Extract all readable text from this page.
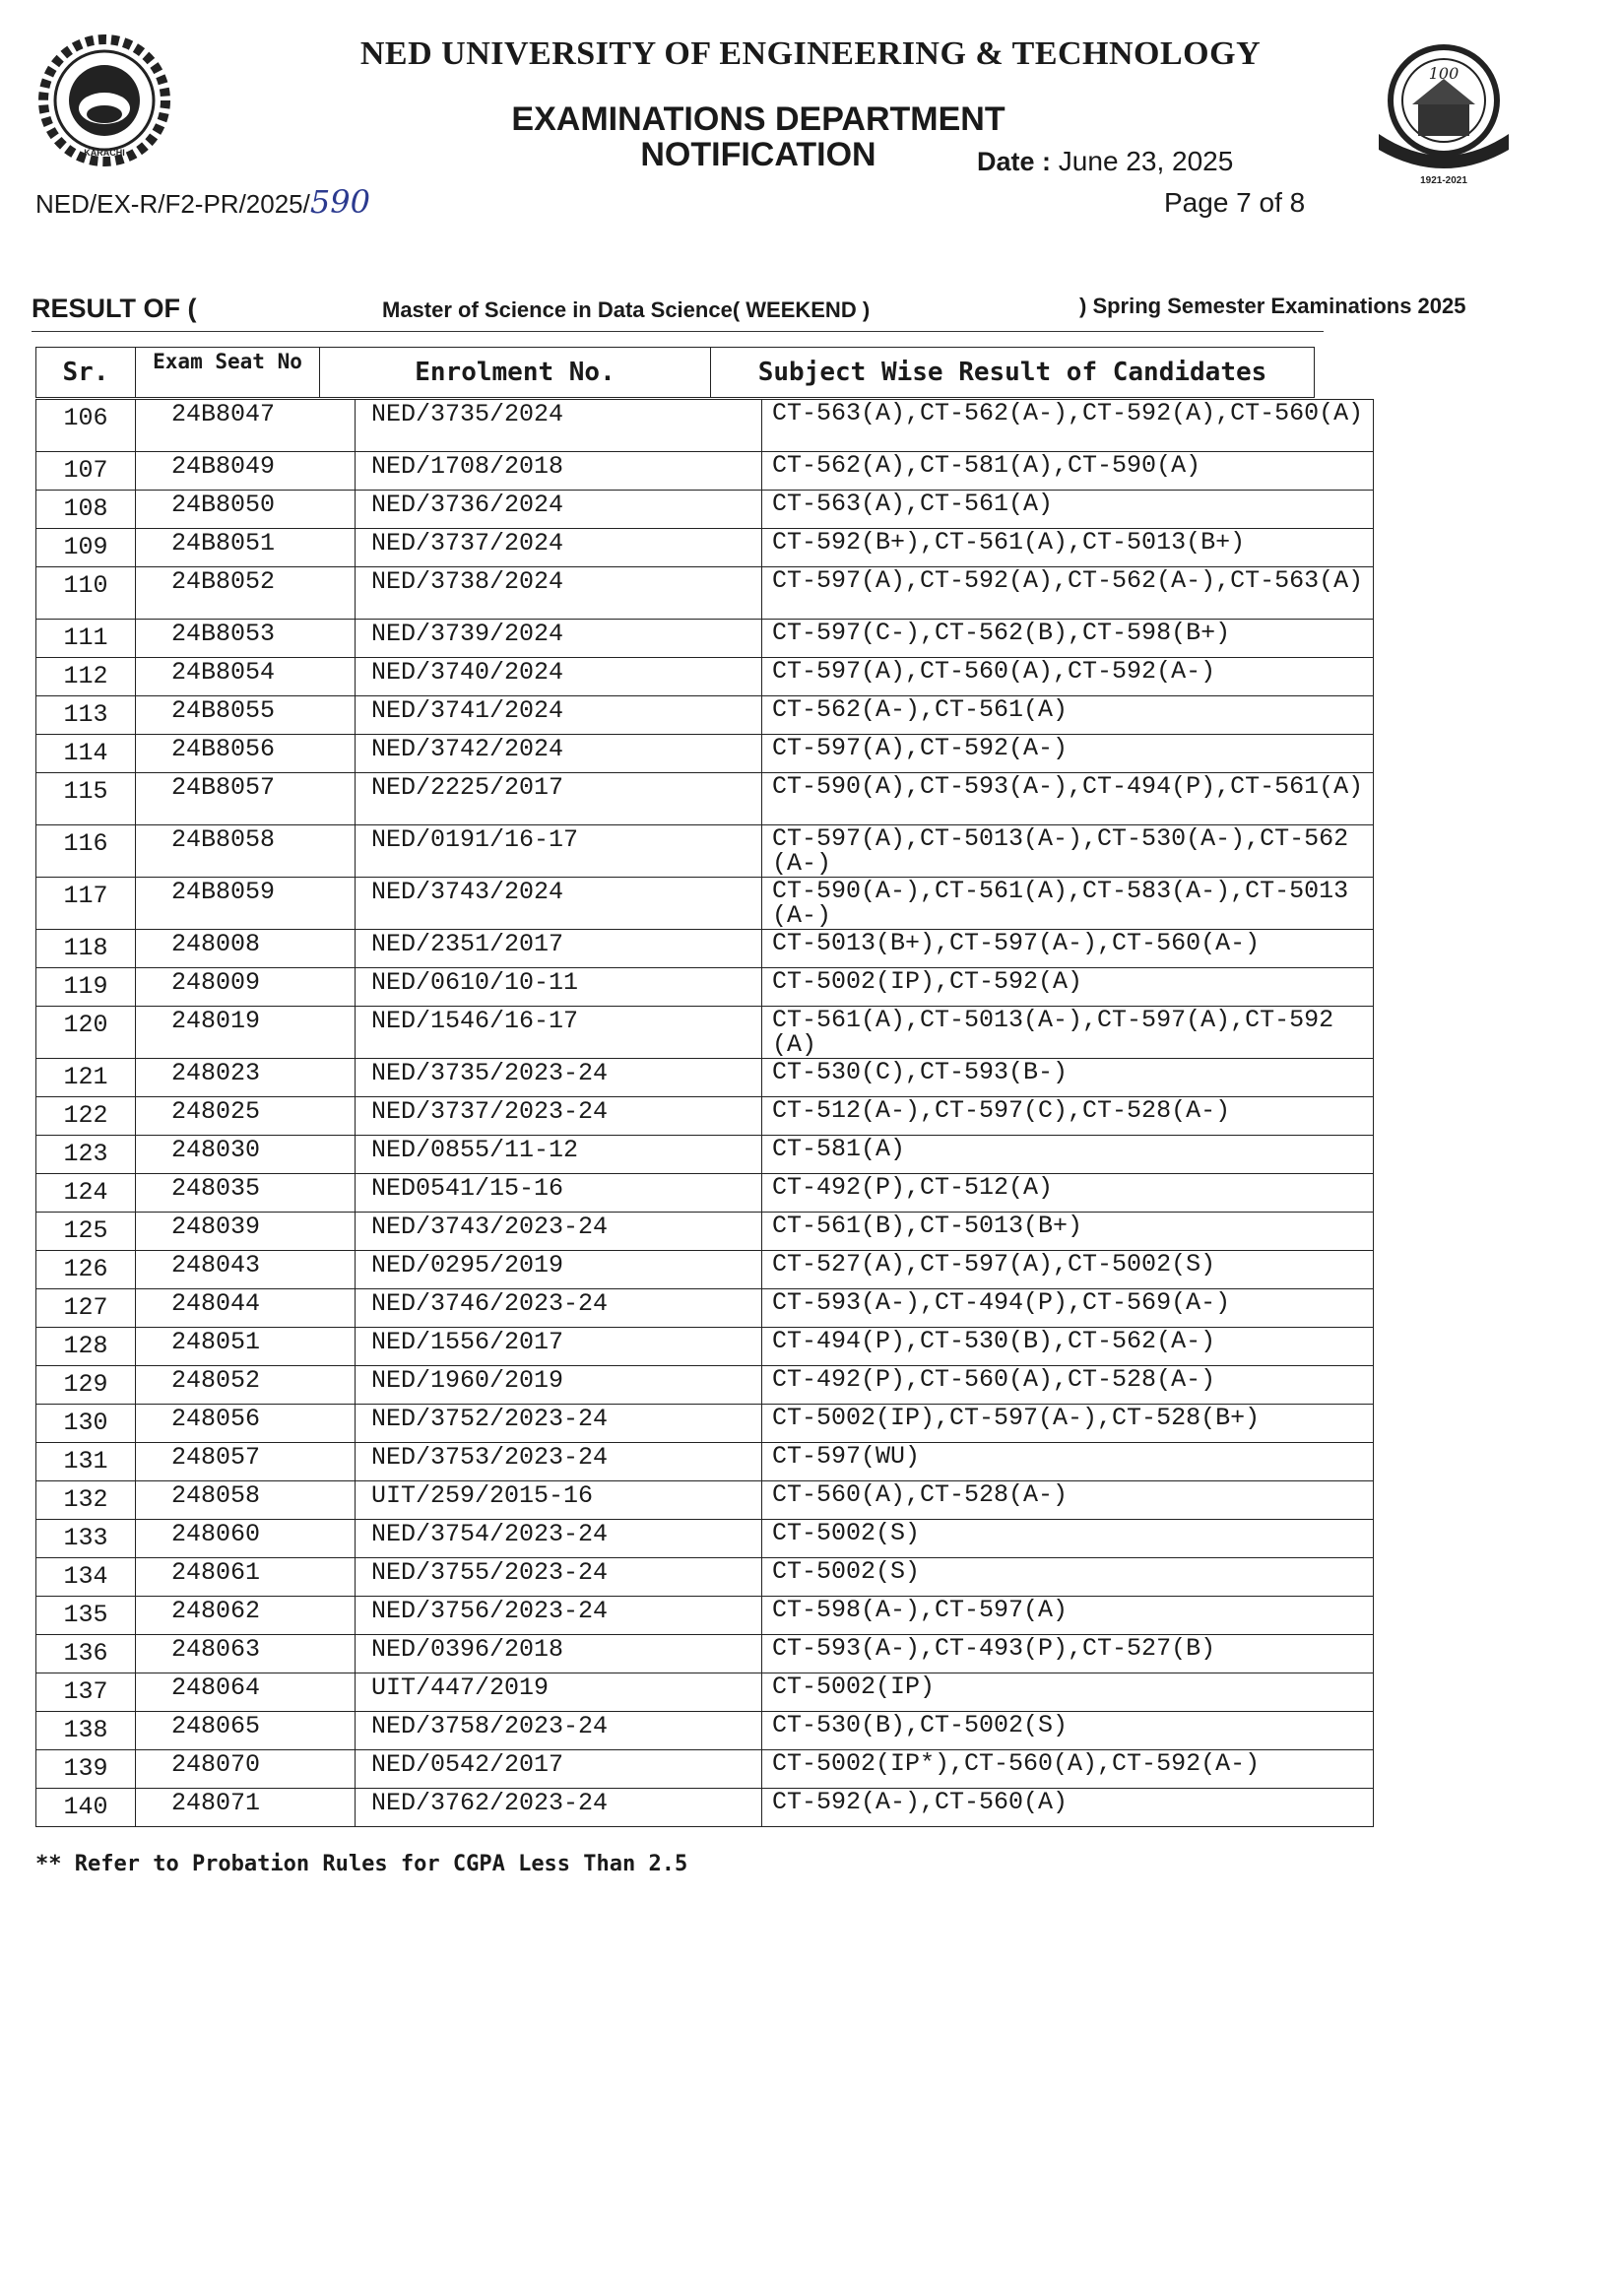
KARACHI
100
1921-2021
NED UNIVERSITY OF ENGINEERING & TECHNOLOGY
EXAMINATIONS DEPARTMENT
NOTIFICATION
NED/EX-R/F2-PR/2025/590
Date : June 23, 2025
Page 7 of 8
RESULT OF (	Master of Science in Data Science( WEEKEND )	) Spring Semester Examinations 2025
Sr.	Exam Seat No	Enrolment No.	Subject Wise Result of Candidates
106	24B8047	NED/3735/2024	CT-563(A),CT-562(A-),CT-592(A),CT-560(A)
107	24B8049	NED/1708/2018	CT-562(A),CT-581(A),CT-590(A)
108	24B8050	NED/3736/2024	CT-563(A),CT-561(A)
109	24B8051	NED/3737/2024	CT-592(B+),CT-561(A),CT-5013(B+)
110	24B8052	NED/3738/2024	CT-597(A),CT-592(A),CT-562(A-),CT-563(A)
111	24B8053	NED/3739/2024	CT-597(C-),CT-562(B),CT-598(B+)
112	24B8054	NED/3740/2024	CT-597(A),CT-560(A),CT-592(A-)
113	24B8055	NED/3741/2024	CT-562(A-),CT-561(A)
114	24B8056	NED/3742/2024	CT-597(A),CT-592(A-)
115	24B8057	NED/2225/2017	CT-590(A),CT-593(A-),CT-494(P),CT-561(A)
116	24B8058	NED/0191/16-17	CT-597(A),CT-5013(A-),CT-530(A-),CT-562(A-)
117	24B8059	NED/3743/2024	CT-590(A-),CT-561(A),CT-583(A-),CT-5013(A-)
118	248008	NED/2351/2017	CT-5013(B+),CT-597(A-),CT-560(A-)
119	248009	NED/0610/10-11	CT-5002(IP),CT-592(A)
120	248019	NED/1546/16-17	CT-561(A),CT-5013(A-),CT-597(A),CT-592(A)
121	248023	NED/3735/2023-24	CT-530(C),CT-593(B-)
122	248025	NED/3737/2023-24	CT-512(A-),CT-597(C),CT-528(A-)
123	248030	NED/0855/11-12	CT-581(A)
124	248035	NED0541/15-16	CT-492(P),CT-512(A)
125	248039	NED/3743/2023-24	CT-561(B),CT-5013(B+)
126	248043	NED/0295/2019	CT-527(A),CT-597(A),CT-5002(S)
127	248044	NED/3746/2023-24	CT-593(A-),CT-494(P),CT-569(A-)
128	248051	NED/1556/2017	CT-494(P),CT-530(B),CT-562(A-)
129	248052	NED/1960/2019	CT-492(P),CT-560(A),CT-528(A-)
130	248056	NED/3752/2023-24	CT-5002(IP),CT-597(A-),CT-528(B+)
131	248057	NED/3753/2023-24	CT-597(WU)
132	248058	UIT/259/2015-16	CT-560(A),CT-528(A-)
133	248060	NED/3754/2023-24	CT-5002(S)
134	248061	NED/3755/2023-24	CT-5002(S)
135	248062	NED/3756/2023-24	CT-598(A-),CT-597(A)
136	248063	NED/0396/2018	CT-593(A-),CT-493(P),CT-527(B)
137	248064	UIT/447/2019	CT-5002(IP)
138	248065	NED/3758/2023-24	CT-530(B),CT-5002(S)
139	248070	NED/0542/2017	CT-5002(IP*),CT-560(A),CT-592(A-)
140	248071	NED/3762/2023-24	CT-592(A-),CT-560(A)
** Refer to Probation Rules for CGPA Less Than 2.5
